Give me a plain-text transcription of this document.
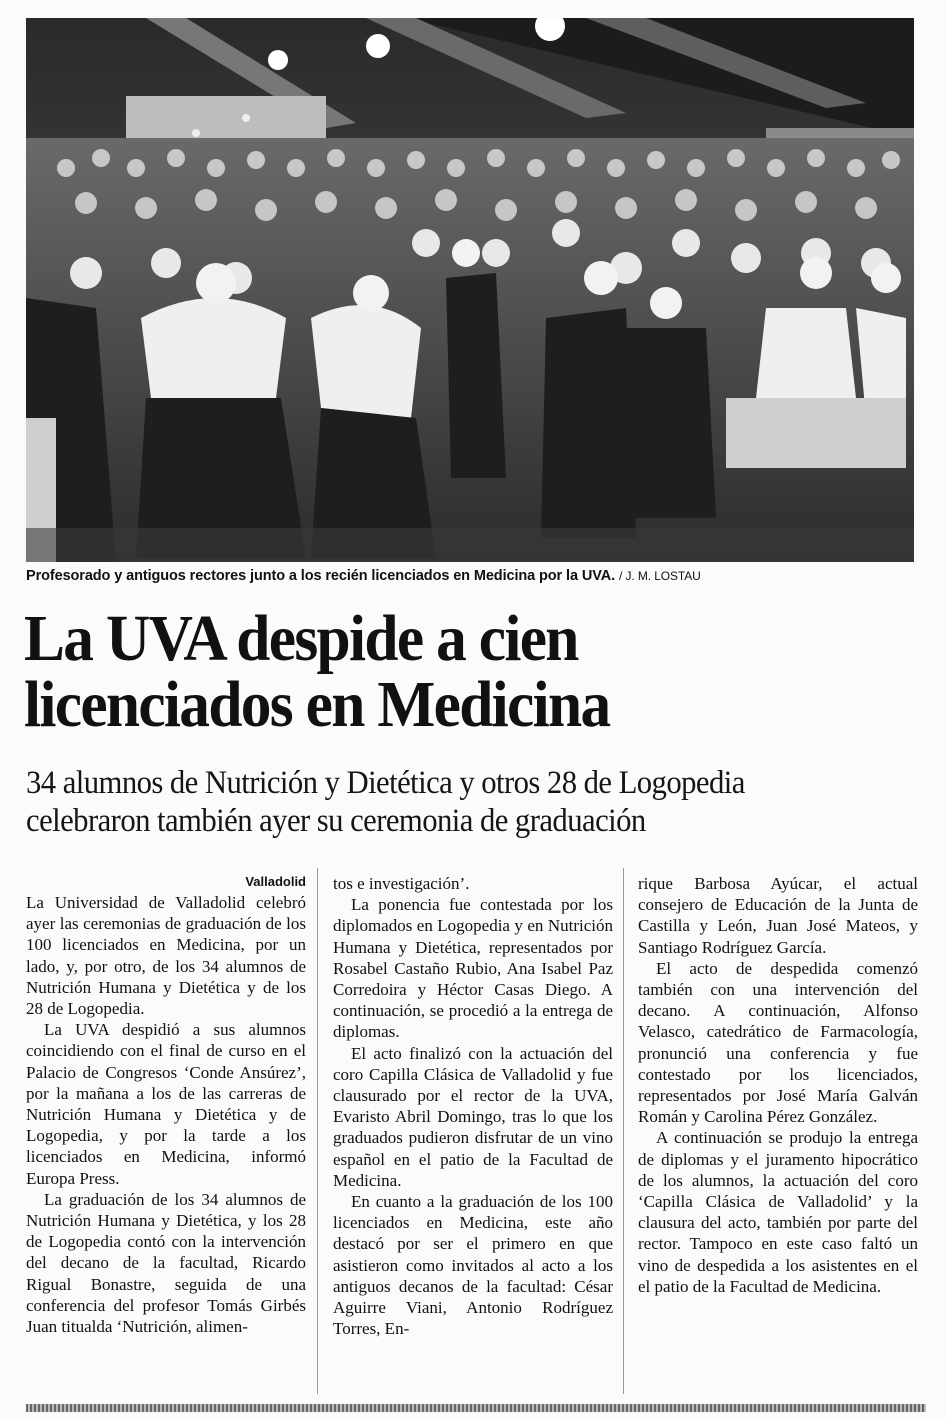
Profesorado y antiguos rectores junto a los recién licenciados en Medicina por la UVA. / J. M. LOSTAU
La UVA despide a cien
licenciados en Medicina
34 alumnos de Nutrición y Dietética y otros 28 de Logopedia
celebraron también ayer su ceremonia de graduación
Valladolid

La Universidad de Valladolid celebró ayer las ceremonias de graduación de los 100 licenciados en Medicina, por un lado, y, por otro, de los 34 alumnos de Nutrición Humana y Dietética y de los 28 de Logopedia.

La UVA despidió a sus alumnos coincidiendo con el final de curso en el Palacio de Congresos ‘Conde Ansúrez’, por la mañana a los de las carreras de Nutrición Humana y Dietética y de Logopedia, y por la tarde a los licenciados en Medicina, informó Europa Press.

La graduación de los 34 alumnos de Nutrición Humana y Dietética, y los 28 de Logopedia contó con la intervención del decano de la facultad, Ricardo Rigual Bonastre, seguida de una conferencia del profesor Tomás Girbés Juan titualda ‘Nutrición, alimen-

tos e investigación’.

La ponencia fue contestada por los diplomados en Logopedia y en Nutrición Humana y Dietética, representados por Rosabel Castaño Rubio, Ana Isabel Paz Corredoira y Héctor Casas Diego. A continuación, se procedió a la entrega de diplomas.

El acto finalizó con la actuación del coro Capilla Clásica de Valladolid y fue clausurado por el rector de la UVA, Evaristo Abril Domingo, tras lo que los graduados pudieron disfrutar de un vino español en el patio de la Facultad de Medicina.

En cuanto a la graduación de los 100 licenciados en Medicina, este año destacó por ser el primero en que asistieron como invitados al acto a los antiguos decanos de la facultad: César Aguirre Viani, Antonio Rodríguez Torres, En-

rique Barbosa Ayúcar, el actual consejero de Educación de la Junta de Castilla y León, Juan José Mateos, y Santiago Rodríguez García.

El acto de despedida comenzó también con una intervención del decano. A continuación, Alfonso Velasco, catedrático de Farmacología, pronunció una conferencia y fue contestado por los licenciados, representados por José María Galván Román y Carolina Pérez González.

A continuación se produjo la entrega de diplomas y el juramento hipocrático de los alumnos, la actuación del coro ‘Capilla Clásica de Valladolid’ y la clausura del acto, también por parte del rector. Tampoco en este caso faltó un vino de despedida a los asistentes en el el patio de la Facultad de Medicina.
